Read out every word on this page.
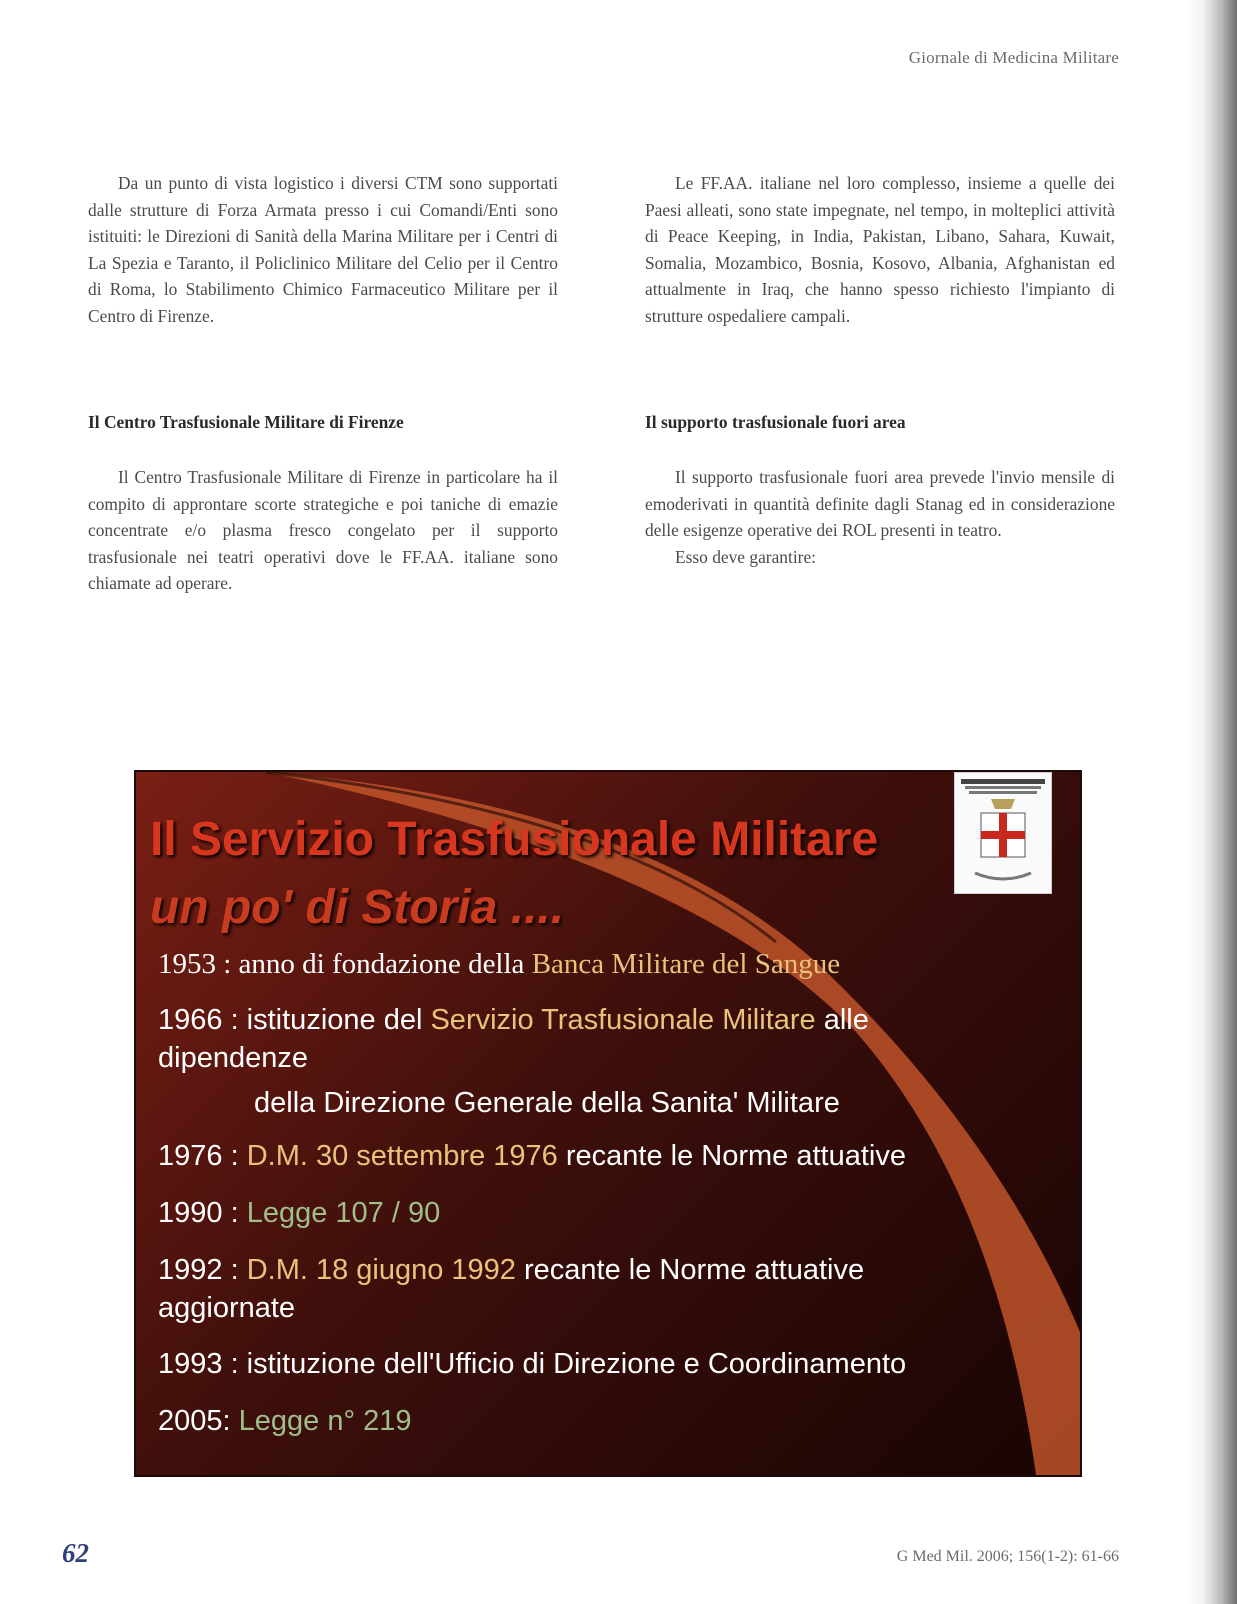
Giornale di Medicina Militare

Da un punto di vista logistico i diversi CTM sono supportati dalle strutture di Forza Armata presso i cui Comandi/Enti sono istituiti: le Direzioni di Sanità della Marina Militare per i Centri di La Spezia e Taranto, il Policlinico Militare del Celio per il Centro di Roma, lo Stabilimento Chimico Farmaceutico Militare per il Centro di Firenze.

Le FF.AA. italiane nel loro complesso, insieme a quelle dei Paesi alleati, sono state impegnate, nel tempo, in molteplici attività di Peace Keeping, in India, Pakistan, Libano, Sahara, Kuwait, Somalia, Mozambico, Bosnia, Kosovo, Albania, Afghanistan ed attualmente in Iraq, che hanno spesso richiesto l'impianto di strutture ospedaliere campali.

Il Centro Trasfusionale Militare di Firenze	Il supporto trasfusionale fuori area

Il Centro Trasfusionale Militare di Firenze in particolare ha il compito di approntare scorte strategiche e poi taniche di emazie concentrate e/o plasma fresco congelato per il supporto trasfusionale nei teatri operativi dove le FF.AA. italiane sono chiamate ad operare.

Il supporto trasfusionale fuori area prevede l'invio mensile di emoderivati in quantità definite dagli Stanag ed in considerazione delle esigenze operative dei ROL presenti in teatro.

Esso deve garantire:

Il Servizio Trasfusionale Militare
un po' di Storia ....
1953 : anno di fondazione della Banca Militare del Sangue
1966 : istituzione del Servizio Trasfusionale Militare alle
dipendenze
della Direzione Generale della Sanita' Militare
1976 : D.M. 30 settembre 1976 recante le Norme attuative
1990 : Legge 107 / 90
1992 : D.M. 18 giugno 1992 recante le Norme attuative
aggiornate
1993 : istituzione dell'Ufficio di Direzione e Coordinamento
2005: Legge n° 219
62	G Med Mil. 2006; 156(1-2): 61-66
